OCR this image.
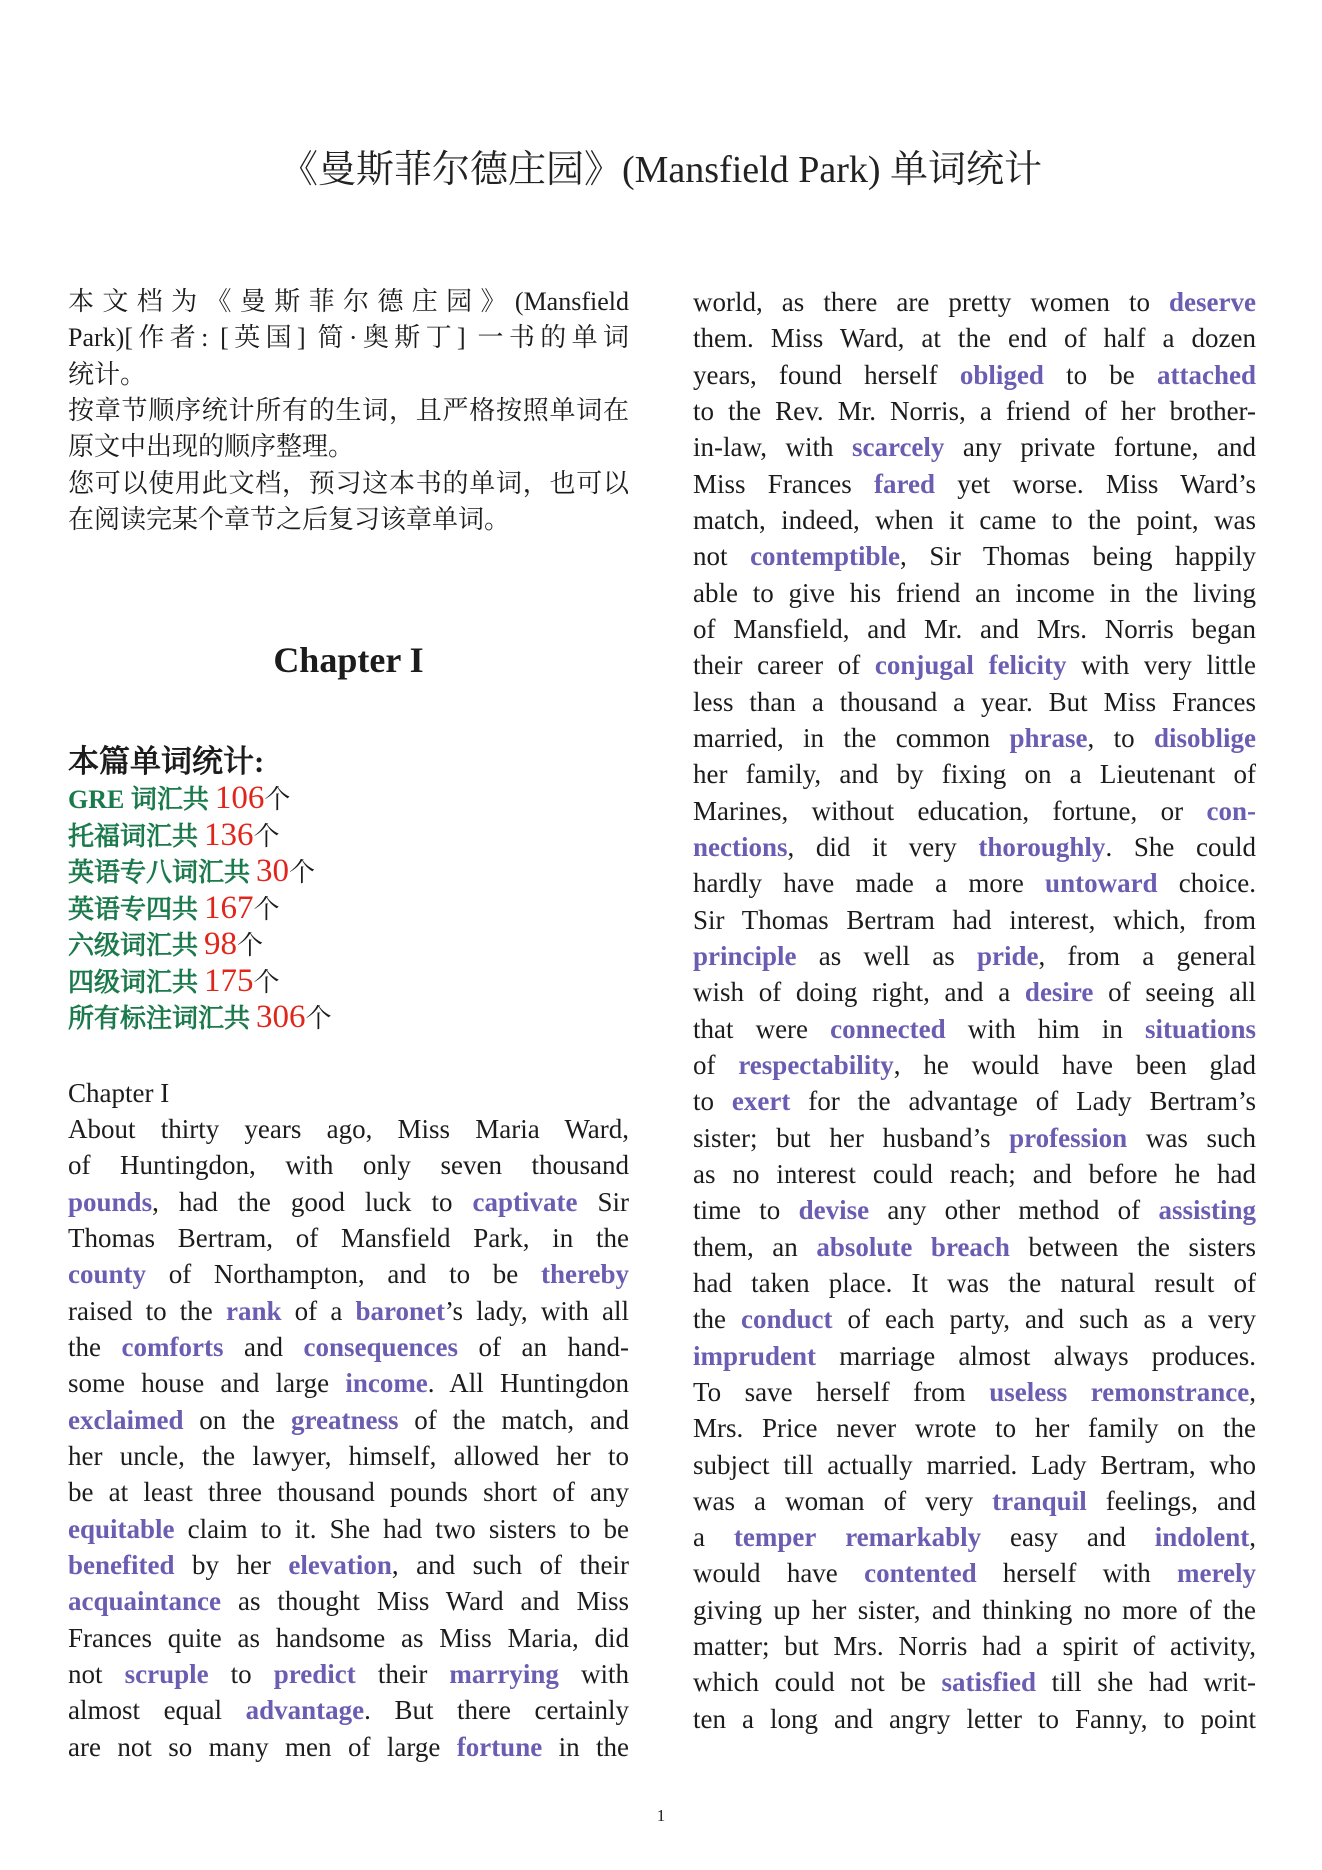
《曼斯菲尔德庄园》(Mansfield Park) 单词统计
本文档为《曼斯菲尔德庄园》(Mansfield
Park)[作者: [英国] 简·奥斯丁] 一书的单词
统计。
按章节顺序统计所有的生词，且严格按照单词在
原文中出现的顺序整理。
您可以使用此文档，预习这本书的单词，也可以
在阅读完某个章节之后复习该章单词。
Chapter I
本篇单词统计:
GRE 词汇共 106个
托福词汇共 136个
英语专八词汇共 30个
英语专四共 167个
六级词汇共 98个
四级词汇共 175个
所有标注词汇共 306个
Chapter I
About thirty years ago, Miss Maria Ward,
of Huntingdon, with only seven thousand
pounds, had the good luck to captivate Sir
Thomas Bertram, of Mansfield Park, in the
county of Northampton, and to be thereby
raised to the rank of a baronet’s lady, with all
the comforts and consequences of an hand-
some house and large income. All Huntingdon
exclaimed on the greatness of the match, and
her uncle, the lawyer, himself, allowed her to
be at least three thousand pounds short of any
equitable claim to it. She had two sisters to be
benefited by her elevation, and such of their
acquaintance as thought Miss Ward and Miss
Frances quite as handsome as Miss Maria, did
not scruple to predict their marrying with
almost equal advantage. But there certainly
are not so many men of large fortune in the
world, as there are pretty women to deserve
them. Miss Ward, at the end of half a dozen
years, found herself obliged to be attached
to the Rev. Mr. Norris, a friend of her brother-
in-law, with scarcely any private fortune, and
Miss Frances fared yet worse. Miss Ward’s
match, indeed, when it came to the point, was
not contemptible, Sir Thomas being happily
able to give his friend an income in the living
of Mansfield, and Mr. and Mrs. Norris began
their career of conjugal felicity with very little
less than a thousand a year. But Miss Frances
married, in the common phrase, to disoblige
her family, and by fixing on a Lieutenant of
Marines, without education, fortune, or con-
nections, did it very thoroughly. She could
hardly have made a more untoward choice.
Sir Thomas Bertram had interest, which, from
principle as well as pride, from a general
wish of doing right, and a desire of seeing all
that were connected with him in situations
of respectability, he would have been glad
to exert for the advantage of Lady Bertram’s
sister; but her husband’s profession was such
as no interest could reach; and before he had
time to devise any other method of assisting
them, an absolute breach between the sisters
had taken place. It was the natural result of
the conduct of each party, and such as a very
imprudent marriage almost always produces.
To save herself from useless remonstrance,
Mrs. Price never wrote to her family on the
subject till actually married. Lady Bertram, who
was a woman of very tranquil feelings, and
a temper remarkably easy and indolent,
would have contented herself with merely
giving up her sister, and thinking no more of the
matter; but Mrs. Norris had a spirit of activity,
which could not be satisfied till she had writ-
ten a long and angry letter to Fanny, to point
1
